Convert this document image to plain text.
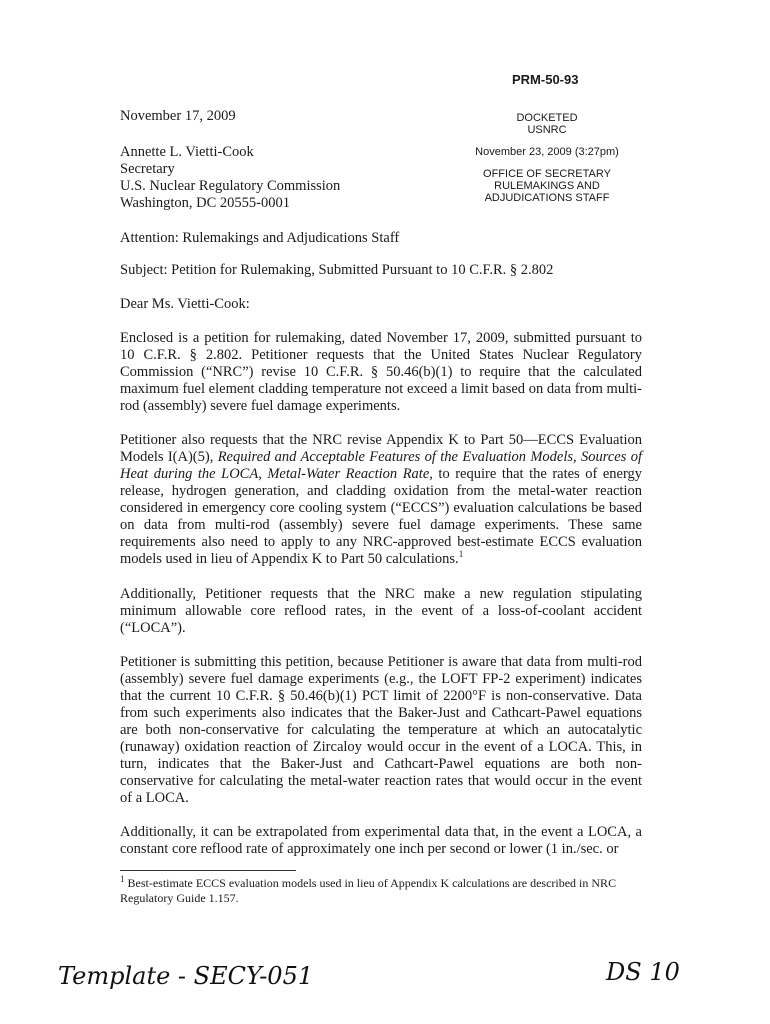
PRM-50-93
November 17, 2009	DOCKETED
USNRC
November 23, 2009 (3:27pm)
OFFICE OF SECRETARY
RULEMAKINGS AND
ADJUDICATIONS STAFF
Annette L. Vietti-Cook
Secretary
U.S. Nuclear Regulatory Commission
Washington, DC 20555-0001
Attention: Rulemakings and Adjudications Staff
Subject: Petition for Rulemaking, Submitted Pursuant to 10 C.F.R. § 2.802
Dear Ms. Vietti-Cook:

Enclosed is a petition for rulemaking, dated November 17, 2009, submitted pursuant to 10 C.F.R. § 2.802. Petitioner requests that the United States Nuclear Regulatory Commission (“NRC”) revise 10 C.F.R. § 50.46(b)(1) to require that the calculated maximum fuel element cladding temperature not exceed a limit based on data from multi-rod (assembly) severe fuel damage experiments.

Petitioner also requests that the NRC revise Appendix K to Part 50—ECCS Evaluation Models I(A)(5), Required and Acceptable Features of the Evaluation Models, Sources of Heat during the LOCA, Metal-Water Reaction Rate, to require that the rates of energy release, hydrogen generation, and cladding oxidation from the metal-water reaction considered in emergency core cooling system (“ECCS”) evaluation calculations be based on data from multi-rod (assembly) severe fuel damage experiments. These same requirements also need to apply to any NRC-approved best-estimate ECCS evaluation models used in lieu of Appendix K to Part 50 calculations.$^1$

Additionally, Petitioner requests that the NRC make a new regulation stipulating minimum allowable core reflood rates, in the event of a loss-of-coolant accident (“LOCA”).

Petitioner is submitting this petition, because Petitioner is aware that data from multi-rod (assembly) severe fuel damage experiments (e.g., the LOFT FP-2 experiment) indicates that the current 10 C.F.R. § 50.46(b)(1) PCT limit of 2200°F is non-conservative. Data from such experiments also indicates that the Baker-Just and Cathcart-Pawel equations are both non-conservative for calculating the temperature at which an autocatalytic (runaway) oxidation reaction of Zircaloy would occur in the event of a LOCA. This, in turn, indicates that the Baker-Just and Cathcart-Pawel equations are both non-conservative for calculating the metal-water reaction rates that would occur in the event of a LOCA.

Additionally, it can be extrapolated from experimental data that, in the event a LOCA, a constant core reflood rate of approximately one inch per second or lower (1 in./sec. or

$^1$ Best-estimate ECCS evaluation models used in lieu of Appendix K calculations are described in NRC Regulatory Guide 1.157.
Template - SECY-051	DS 10
